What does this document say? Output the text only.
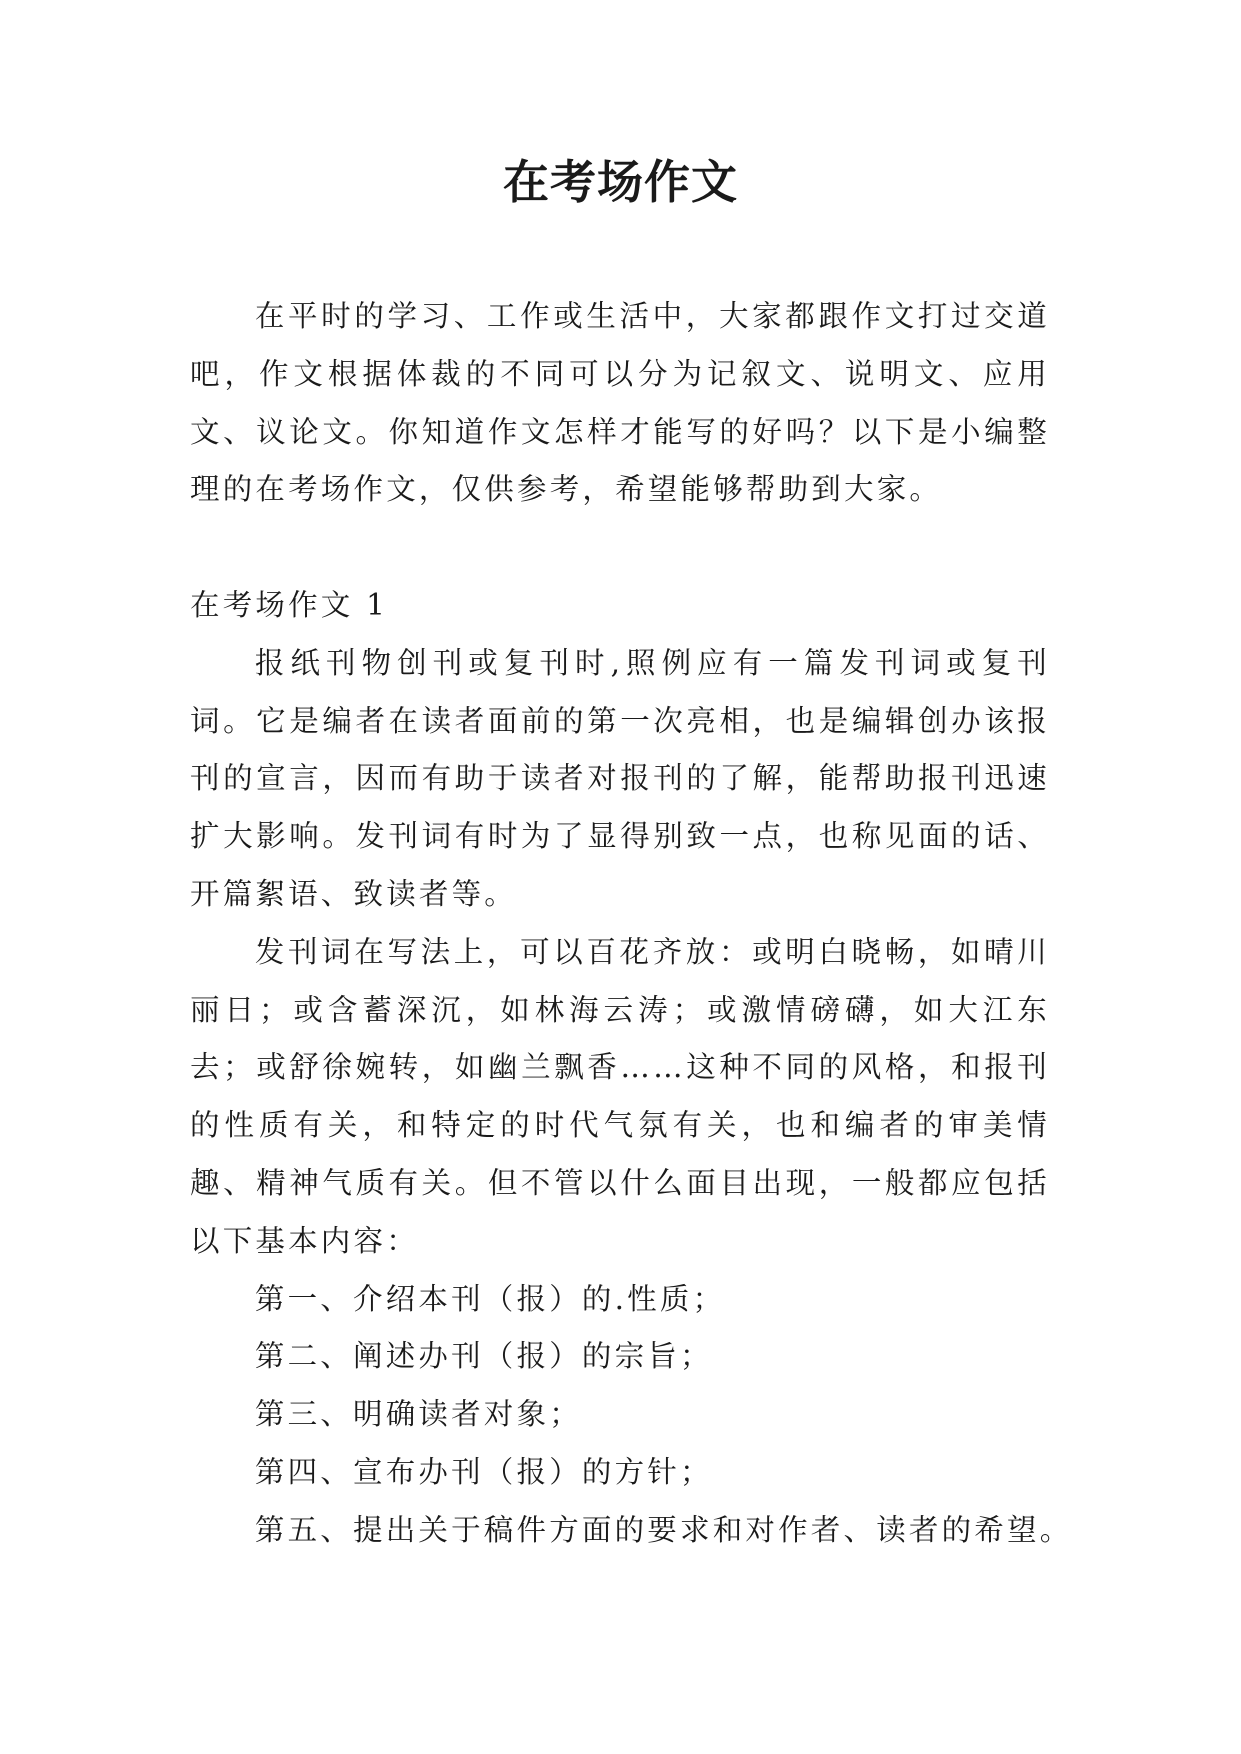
在考场作文

在平时的学习、工作或生活中，大家都跟作文打过交道吧，作文根据体裁的不同可以分为记叙文、说明文、应用文、议论文。你知道作文怎样才能写的好吗？以下是小编整理的在考场作文，仅供参考，希望能够帮助到大家。

在考场作文 1

报纸刊物创刊或复刊时,照例应有一篇发刊词或复刊词。它是编者在读者面前的第一次亮相，也是编辑创办该报刊的宣言，因而有助于读者对报刊的了解，能帮助报刊迅速扩大影响。发刊词有时为了显得别致一点，也称见面的话、开篇絮语、致读者等。

发刊词在写法上，可以百花齐放：或明白晓畅，如晴川丽日；或含蓄深沉，如林海云涛；或激情磅礴，如大江东去；或舒徐婉转，如幽兰飘香……这种不同的风格，和报刊的性质有关，和特定的时代气氛有关，也和编者的审美情趣、精神气质有关。但不管以什么面目出现，一般都应包括以下基本内容：

第一、介绍本刊（报）的.性质；

第二、阐述办刊（报）的宗旨；

第三、明确读者对象；

第四、宣布办刊（报）的方针；

第五、提出关于稿件方面的要求和对作者、读者的希望。
